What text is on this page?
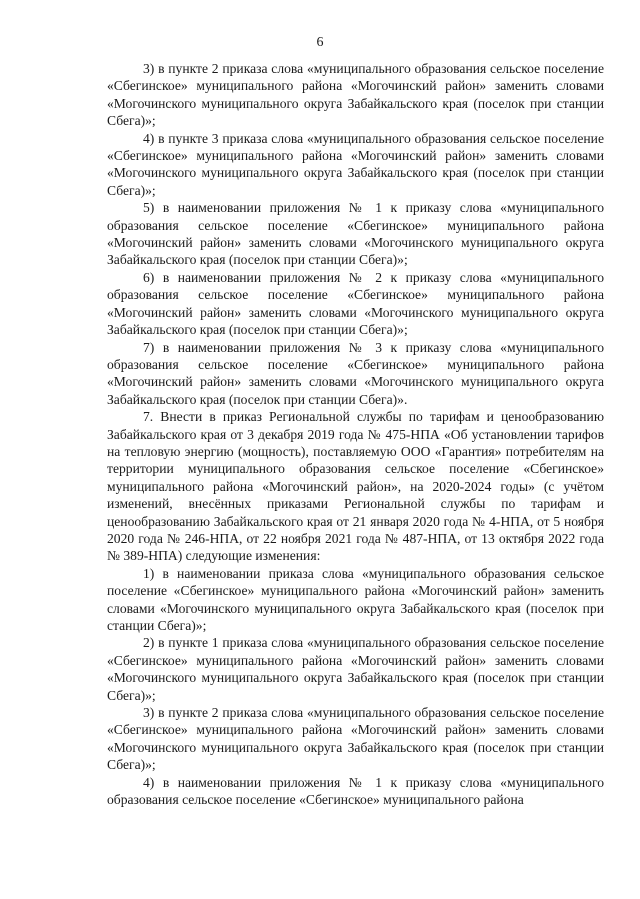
6

3) в пункте 2 приказа слова «муниципального образования сельское поселение «Сбегинское» муниципального района «Могочинский район» заменить словами «Могочинского муниципального округа Забайкальского края (поселок при станции Сбега)»;

4) в пункте 3 приказа слова «муниципального образования сельское поселение «Сбегинское» муниципального района «Могочинский район» заменить словами «Могочинского муниципального округа Забайкальского края (поселок при станции Сбега)»;

5) в наименовании приложения № 1 к приказу слова «муниципального образования сельское поселение «Сбегинское» муниципального района «Могочинский район» заменить словами «Могочинского муниципального округа Забайкальского края (поселок при станции Сбега)»;

6) в наименовании приложения № 2 к приказу слова «муниципального образования сельское поселение «Сбегинское» муниципального района «Могочинский район» заменить словами «Могочинского муниципального округа Забайкальского края (поселок при станции Сбега)»;

7) в наименовании приложения № 3 к приказу слова «муниципального образования сельское поселение «Сбегинское» муниципального района «Могочинский район» заменить словами «Могочинского муниципального округа Забайкальского края (поселок при станции Сбега)».

7. Внести в приказ Региональной службы по тарифам и ценообразованию Забайкальского края от 3 декабря 2019 года № 475-НПА «Об установлении тарифов на тепловую энергию (мощность), поставляемую ООО «Гарантия» потребителям на территории муниципального образования сельское поселение «Сбегинское» муниципального района «Могочинский район», на 2020-2024 годы» (с учётом изменений, внесённых приказами Региональной службы по тарифам и ценообразованию Забайкальского края от 21 января 2020 года № 4-НПА, от 5 ноября 2020 года № 246-НПА, от 22 ноября 2021 года № 487-НПА, от 13 октября 2022 года № 389-НПА) следующие изменения:

1) в наименовании приказа слова «муниципального образования сельское поселение «Сбегинское» муниципального района «Могочинский район» заменить словами «Могочинского муниципального округа Забайкальского края (поселок при станции Сбега)»;

2) в пункте 1 приказа слова «муниципального образования сельское поселение «Сбегинское» муниципального района «Могочинский район» заменить словами «Могочинского муниципального округа Забайкальского края (поселок при станции Сбега)»;

3) в пункте 2 приказа слова «муниципального образования сельское поселение «Сбегинское» муниципального района «Могочинский район» заменить словами «Могочинского муниципального округа Забайкальского края (поселок при станции Сбега)»;

4) в наименовании приложения № 1 к приказу слова «муниципального образования сельское поселение «Сбегинское» муниципального района
